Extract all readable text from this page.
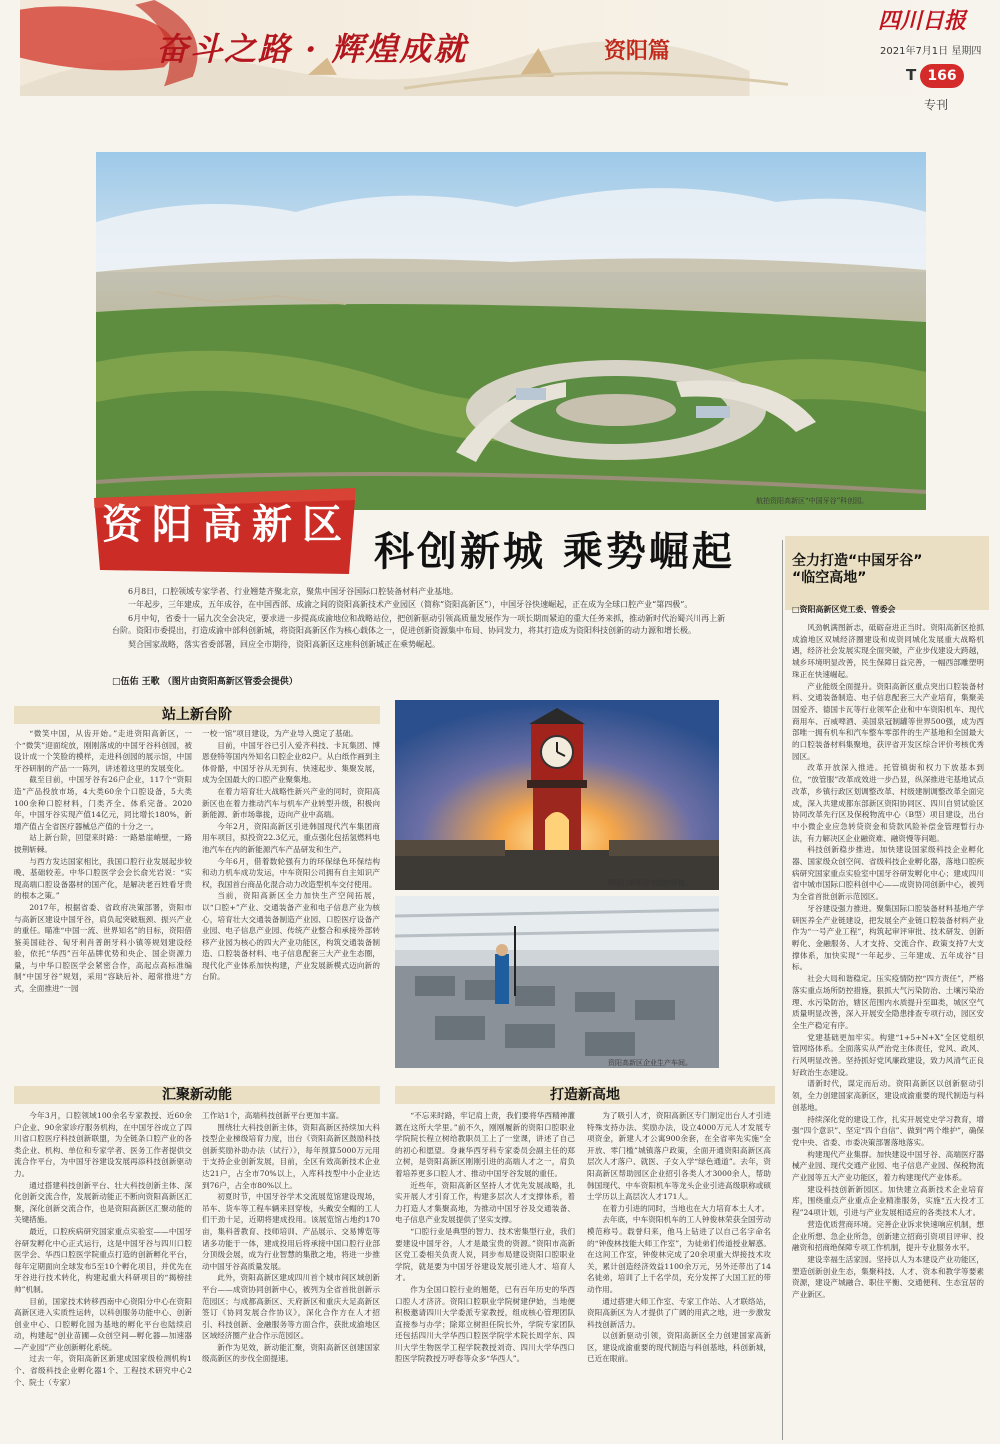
奋斗之路 · 辉煌成就	资阳篇
四川日报
2021年7月1日 星期四
T 166
专刊
资 阳 高 新 区	航拍资阳高新区“中国牙谷”科创园。
科创新城 乘势崛起

6月8日，口腔领域专家学者、行业翘楚齐聚北京，聚焦中国牙谷国际口腔装备材料产业基地。

一年起步，三年建成，五年成谷，在中国西部、成渝之间的资阳高新技术产业园区（简称“资阳高新区”），中国牙谷快速崛起，正在成为全球口腔产业“第四极”。

6月中旬，省委十一届九次全会决定，要求进一步提高成渝地位和战略站位，把创新驱动引领高质量发展作为一项长期而紧迫的重大任务来抓，推动新时代治蜀兴川再上新台阶。资阳市委提出，打造成渝中部科创新城，将资阳高新区作为核心载体之一，促进创新资源集中布局、协同发力，将其打造成为资阳科技创新的动力源和增长极。

契合国家战略，落实省委部署，回应全市期待，资阳高新区这座科创新城正在乘势崛起。

□伍佑 王歌 （图片由资阳高新区管委会提供）
全力打造“中国牙谷”
“临空高地”
□资阳高新区党工委、管委会

风劲帆满图新志，砥砺奋进正当时。资阳高新区抢抓成渝地区双城经济圈建设和成资同城化发展重大战略机遇，经济社会发展实现全面突破，产业步伐建设大跨越，城乡环境明显改善，民生保障日益完善，一幅西部雕塑明珠正在快速崛起。

产业能级全面提升。资阳高新区重点突出口腔装备材料、交通装备制造、电子信息配套三大产业培育，集聚美国爱齐、德国卡瓦等行业领军企业和中车资阳机车、现代商用车、百威啤酒、美国泉冠制罐等世界500强，成为西部唯一拥有机车和汽车整车零部件的生产基地和全国最大的口腔装备材料集聚地，获评省开发区综合评价考核优秀园区。

改革开放深入推进。托管镇街和权力下放基本到位，“放管服”改革成效进一步凸显，纵深推进宅基地试点改革，乡镇行政区划调整改革、村级建制调整改革全面完成，深入共建成都东部新区资阳协同区、四川自贸试验区协同改革先行区及保税物流中心（B型）项目建设，出台中小微企业应急转贷资金和贷款风险补偿金管理暂行办法，有力解决区企业融资难、融资慢等问题。

科技创新稳步推进。加快建设国家级科技企业孵化器、国家级众创空间、省级科技企业孵化器，落地口腔疾病研究国家重点实验室中国牙谷研发孵化中心；建成四川省中城市国际口腔科创中心——成资协同创新中心，被列为全省首批创新示范园区。

牙谷建设强力推进。聚集国际口腔装备材料基地产学研医养全产业链建设，把发展全产业链口腔装备材料产业作为“一号产业工程”，构筑起审评审批、技术研发、创新孵化、金融服务、人才支持、交流合作、政策支持7大支撑体系，加快实现“一年起步、三年建成、五年成谷”目标。

社会大局和谐稳定。压实疫情防控“四方责任”，严格落实重点场所防控措施，狠抓大气污染防治、土壤污染治理、水污染防治，辖区范围内水质提升至Ⅲ类，城区空气质量明显改善，深入开展安全隐患排查专项行动，园区安全生产稳定有序。

党建基础更加牢实。构建“1+5+N+X”全区党组织管网络体系。全面落实从严治党主体责任，党风、政风、行风明显改善。坚持抓好党风廉政建设，致力风清气正良好政治生态建设。

谱新时代，谋定而后动。资阳高新区以创新驱动引领，全力创建国家高新区，建设成渝重要的现代制造与科创基地。

持续深化党的建设工作，扎实开展党史学习教育，增强“四个意识”、坚定“四个自信”、做到“两个维护”，确保党中央、省委、市委决策部署落地落实。

构建现代产业集群。加快建设中国牙谷、高端医疗器械产业园、现代交通产业园、电子信息产业园、保税物流产业园等五大产业功能区，着力构建现代产业体系。

建设科技创新新园区。加快建立高新技术企业培育库，围绕重点产业重点企业精准服务，实施“五大投才工程”24项计划，引进与产业发展相适应的各类技术人才。

营造优质营商环境。完善企业诉求快速响应机制，想企业所想、急企业所急，创新建立招商引资项目评审、投融资和招商绝保障专项工作机制，提升专业服务水平。

建设幸福生活家园。坚持以人为本建设产业功能区，塑造创新创业生态，集聚科技、人才、资本和教学等要素资源，建设产城融合、职住平衡、交通便利、生态宜居的产业新区。

站上新台阶

“微笑中国，从齿开始。”走进资阳高新区，一个“微笑”迎面绽放，刚刚落成的中国牙谷科创园，被设计成一个笑脸的模样，走进科创园的展示馆，中国牙谷研制的产品一一陈列，讲述着这里的发展变化。

截至目前，中国牙谷有26户企业，117个“资阳造”产品投放市场，4大类60余个口腔设备，5大类100余种口腔材料，门类齐全、体系完备。2020年，中国牙谷实现产值14亿元，同比增长180%，新增产值占全省医疗器械总产值的十分之一。

站上新台阶，回望来时路：一路悬崖峭壁，一路披荆斩棘。

与西方发达国家相比，我国口腔行业发展起步较晚、基础较差。中华口腔医学会会长俞光岩说：“实现高端口腔设备器材的国产化，是解决老百姓看牙贵的根本之策。”

2017年，根据省委、省政府决策部署，资阳市与高新区建设中国牙谷，肩负起突破瓶颈、振兴产业的重任。瞄准“中国一流、世界知名”的目标，资阳借鉴美国硅谷、匈牙利肖普朗牙科小镇等规划建设经验，依托“华西”百年品牌优势和央企、国企资源力量，与中华口腔医学会紧密合作，高起点高标准编制“中国牙谷”规划，采用“容缺后补、超常推进”方式，全面推进“一园

一校一馆”项目建设，为产业导入奠定了基础。

目前，中国牙谷已引入爱齐科技、卡瓦集团、博恩登特等国内外知名口腔企业82户。从白纸作画到主体骨骼，中国牙谷从无到有、快速起步、集聚发展，成为全国最大的口腔产业聚集地。

在着力培育壮大战略性新兴产业的同时，资阳高新区也在着力推动汽车与机车产业转型升级，积极向新能源、新市场靠拢，迈向产业中高端。

今年2月，资阳高新区引进韩国现代汽车集团商用车项目，拟投资22.3亿元，重点强化包括氢燃料电池汽车在内的新能源汽车产品研发和生产。

今年6月，借着数轮强有力的环保绿色环保结构和动力机车成功发运，中车资阳公司拥有自主知识产权，我国首台商品化混合动力改造型机车交付使用。

当前，资阳高新区全力加快生产空间拓展，以“口腔+”产业、交通装备产业和电子信息产业为核心，培育壮大交通装备制造产业园、口腔医疗设备产业园、电子信息产业园、传统产业整合和承接外部转移产业园为核心的四大产业功能区，构筑交通装备制造、口腔装备材料、电子信息配套三大产业生态圈，现代化产业体系加快构建，产业发展新模式迈向新的台阶。

资阳口腔职业学院的钟楼。
资阳高新区企业生产车间。
汇聚新动能

今年3月，口腔领域100余名专家教授、近60余户企业、90余家诊疗服务机构，在中国牙谷成立了四川省口腔医疗科技创新联盟，为全链条口腔产业的各类企业、机构、单位和专家学者、医务工作者提供交流合作平台，为中国牙谷建设发展再添科技创新驱动力。

通过搭建科技创新平台、壮大科技创新主体、深化创新交流合作，发展新动能正不断向资阳高新区汇聚，深化创新交流合作，也是资阳高新区汇聚动能的关键措施。

最近，口腔疾病研究国家重点实验室——中国牙谷研发孵化中心正式运行，这是中国牙谷与四川口腔医学会、华西口腔医学院重点打造的创新孵化平台，每年定期面向全球发布5至10个孵化项目，并优先在牙谷进行技术转化，构建起重大科研项目的“揭榜挂帅”机制。

目前，国家技术转移西南中心资阳分中心在资阳高新区进入实质性运转，以科创服务功能中心、创新创业中心、口腔孵化园为基地的孵化平台也陆续启动，构建起“创业苗圃—众创空间—孵化器—加速器—产业园”产业创新孵化系统。

过去一年，资阳高新区新建成国家级检测机构1个、省级科技企业孵化器1个、工程技术研究中心2个、院士（专家）

工作站1个，高端科技创新平台更加丰富。

围绕壮大科技创新主体，资阳高新区持续加大科技型企业梯级培育力度，出台《资阳高新区鼓励科技创新奖励补助办法（试行）》，每年预算5000万元用于支持企业创新发展，目前，全区有效高新技术企业达21户，占全市70%以上，入库科技型中小企业达到76户，占全市80%以上。

初夏时节，中国牙谷学术交流展览馆建设现场，吊车、货车等工程车辆来回穿梭，头戴安全帽的工人们干劲十足，近期将建成投用。该展览馆占地约170亩，集科普教育、技师培训、产品展示、交易博览等诸多功能于一体，建成投用后将承接中国口腔行业部分顶级会展，成为行业智慧的集散之地，将进一步推动中国牙谷高质量发展。

此外，资阳高新区建成四川首个城市间区域创新平台——成资协同创新中心，被列为全省首批创新示范园区；与成都高新区、天府新区和重庆大足高新区签订《协同发展合作协议》，深化合作方在人才招引、科技创新、金融服务等方面合作，获批成渝地区区域经济圈产业合作示范园区。

新作为见效，新动能汇聚，资阳高新区创建国家级高新区的步伐全面提速。

打造新高地

“不忘来时路，牢记肩上责，我们要将华西精神灌溉在这所大学里。”前不久，刚刚履新的资阳口腔职业学院院长程立树给教职员工上了一堂课，讲述了自己的初心和愿望。身兼华西牙科专家委员会副主任的郑立树，是资阳高新区刚刚引进的高端人才之一，肩负着培养更多口腔人才、推动中国牙谷发展的重任。

近些年，资阳高新区坚持人才优先发展战略，扎实开展人才引育工作，构建多层次人才支撑体系，着力打造人才集聚高地，为推动中国牙谷及交通装备、电子信息产业发展提供了坚实支撑。

“口腔行业是典型的智力、技术密集型行业，我们要建设中国牙谷，人才是最宝贵的资源。”资阳市高新区党工委相关负责人说，同步布局建设资阳口腔职业学院，就是要为中国牙谷建设发展引进人才、培育人才。

作为全国口腔行业的翘楚，已有百年历史的华西口腔人才济济。资阳口腔职业学院树建伊始，当地便积极邀请四川大学委派专家教授，组成核心管理团队直接参与办学；除郑立树担任院长外，学院专家团队还包括四川大学华西口腔医学院学术院长周学东、四川大学生物医学工程学院教授刘奇、四川大学华西口腔医学院教授万呼春等众多“华西人”。

为了吸引人才，资阳高新区专门制定出台人才引进特殊支持办法、奖励办法，设立4000万元人才发展专项资金，新建人才公寓900余套，在全省率先实施“全开放、零门槛”城镇落户政策，全面开通资阳高新区高层次人才落户、就医、子女入学“绿色通道”。去年，资阳高新区帮助园区企业招引各类人才3000余人，帮助韩国现代、中车资阳机车等龙头企业引进高级职称或硕士学历以上高层次人才171人。

在着力引进的同时，当地也在大力培育本土人才。

去年底，中车资阳机车的工人钟俊林荣获全国劳动模范称号。载誉归来，他马上钻进了以自己名字命名的“钟俊林技能大师工作室”，为徒弟们传道授业解惑。在这间工作室，钟俊林完成了20余项重大焊接技术攻关，累计创造经济效益1100余万元，另外还带出了14名徒弟，培训了上千名学员，充分发挥了大国工匠的带动作用。

通过搭建大师工作室、专家工作站、人才联络站，资阳高新区为人才提供了广阔的用武之地，进一步激发科技创新活力。

以创新驱动引领，资阳高新区全力创建国家高新区，建设成渝重要的现代制造与科创基地，科创新城，已近在眼前。
